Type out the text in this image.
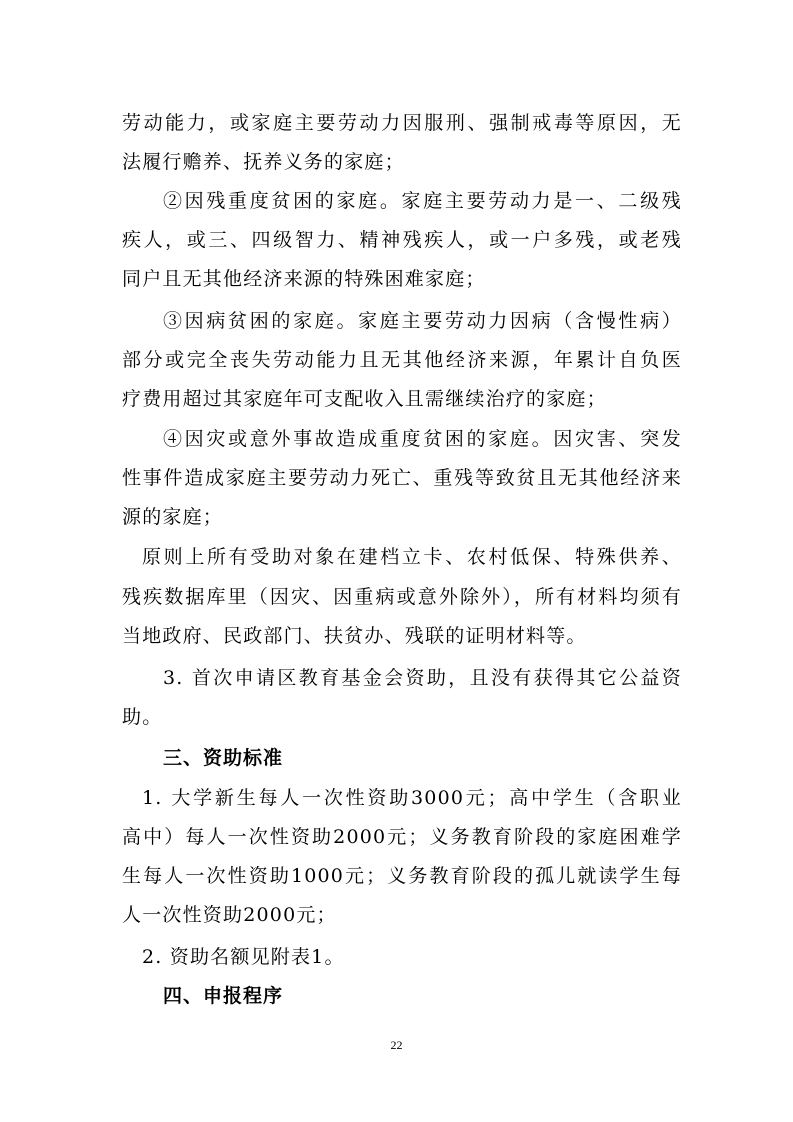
劳动能力，或家庭主要劳动力因服刑、强制戒毒等原因，无
法履行赡养、抚养义务的家庭；
②因残重度贫困的家庭。家庭主要劳动力是一、二级残
疾人，或三、四级智力、精神残疾人，或一户多残，或老残
同户且无其他经济来源的特殊困难家庭；
③因病贫困的家庭。家庭主要劳动力因病（含慢性病）
部分或完全丧失劳动能力且无其他经济来源，年累计自负医
疗费用超过其家庭年可支配收入且需继续治疗的家庭；
④因灾或意外事故造成重度贫困的家庭。因灾害、突发
性事件造成家庭主要劳动力死亡、重残等致贫且无其他经济来
源的家庭；
原则上所有受助对象在建档立卡、农村低保、特殊供养、
残疾数据库里（因灾、因重病或意外除外），所有材料均须有
当地政府、民政部门、扶贫办、残联的证明材料等。
3. 首次申请区教育基金会资助，且没有获得其它公益资
助。
三、资助标准
1. 大学新生每人一次性资助3000元；高中学生（含职业
高中）每人一次性资助2000元；义务教育阶段的家庭困难学
生每人一次性资助1000元；义务教育阶段的孤儿就读学生每
人一次性资助2000元；
2. 资助名额见附表1。
四、申报程序
22
